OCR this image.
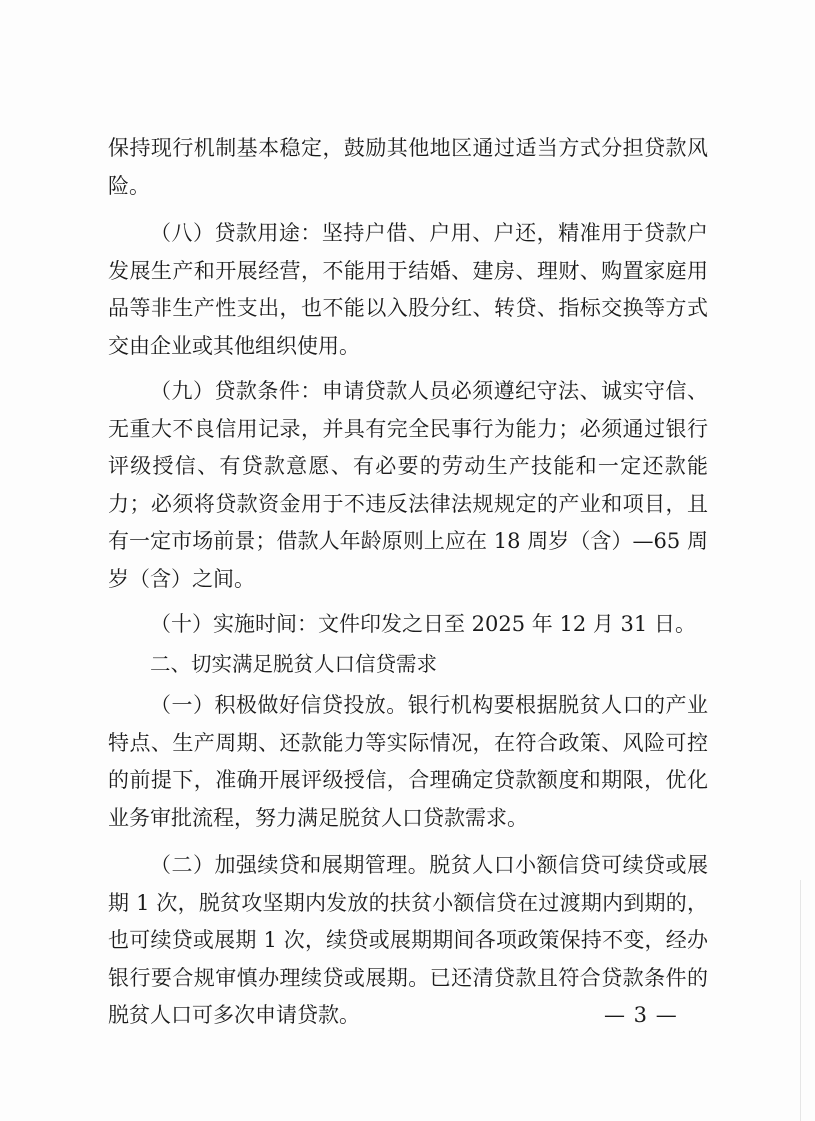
保持现行机制基本稳定，鼓励其他地区通过适当方式分担贷款风险。

（八）贷款用途：坚持户借、户用、户还，精准用于贷款户发展生产和开展经营，不能用于结婚、建房、理财、购置家庭用品等非生产性支出，也不能以入股分红、转贷、指标交换等方式交由企业或其他组织使用。

（九）贷款条件：申请贷款人员必须遵纪守法、诚实守信、无重大不良信用记录，并具有完全民事行为能力；必须通过银行评级授信、有贷款意愿、有必要的劳动生产技能和一定还款能力；必须将贷款资金用于不违反法律法规规定的产业和项目，且有一定市场前景；借款人年龄原则上应在 18 周岁（含）—65 周岁（含）之间。

（十）实施时间：文件印发之日至 2025 年 12 月 31 日。

二、切实满足脱贫人口信贷需求

（一）积极做好信贷投放。银行机构要根据脱贫人口的产业特点、生产周期、还款能力等实际情况，在符合政策、风险可控的前提下，准确开展评级授信，合理确定贷款额度和期限，优化业务审批流程，努力满足脱贫人口贷款需求。

（二）加强续贷和展期管理。脱贫人口小额信贷可续贷或展期 1 次，脱贫攻坚期内发放的扶贫小额信贷在过渡期内到期的，也可续贷或展期 1 次，续贷或展期期间各项政策保持不变，经办银行要合规审慎办理续贷或展期。已还清贷款且符合贷款条件的脱贫人口可多次申请贷款。	— 3 —
